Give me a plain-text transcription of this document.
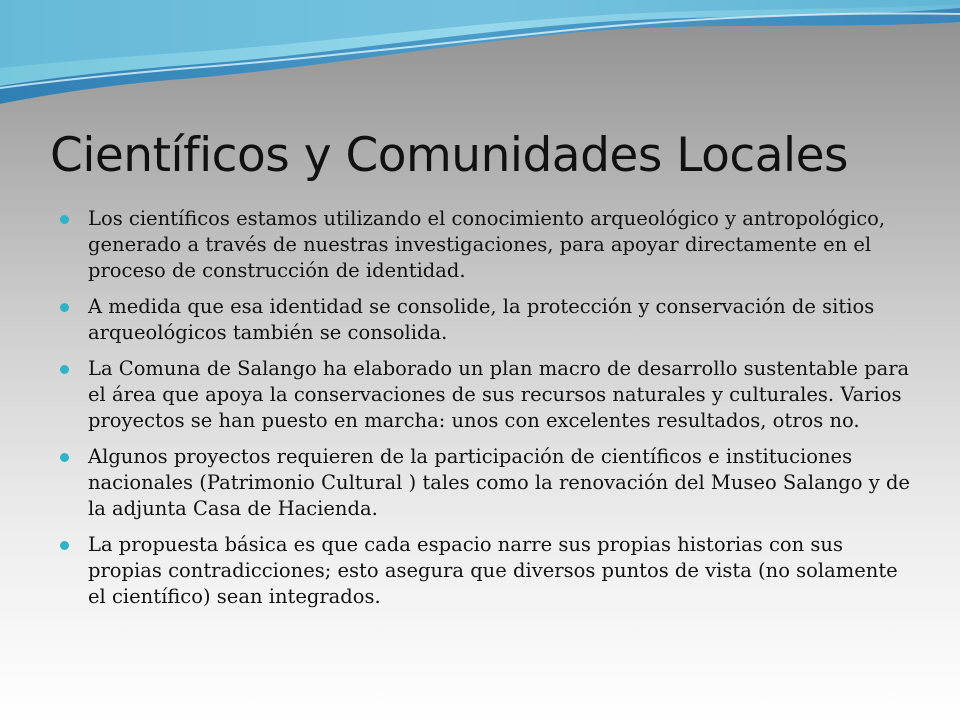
Científicos y Comunidades Locales
Los científicos estamos utilizando el conocimiento arqueológico y antropológico, generado a través de nuestras investigaciones, para apoyar directamente en el proceso de construcción de identidad.
A medida que esa identidad se consolide, la protección y conservación de sitios arqueológicos también se consolida.
La Comuna de Salango ha elaborado un plan macro de desarrollo sustentable para el área que apoya la conservaciones de sus recursos naturales y culturales. Varios proyectos se han puesto en marcha: unos con excelentes resultados, otros no.
Algunos proyectos requieren de la participación de científicos e instituciones nacionales (Patrimonio Cultural ) tales como la renovación del Museo Salango y de la adjunta Casa de Hacienda.
La propuesta básica es que cada espacio narre sus propias historias con sus propias contradicciones; esto asegura que diversos puntos de vista (no solamente el científico) sean integrados.
